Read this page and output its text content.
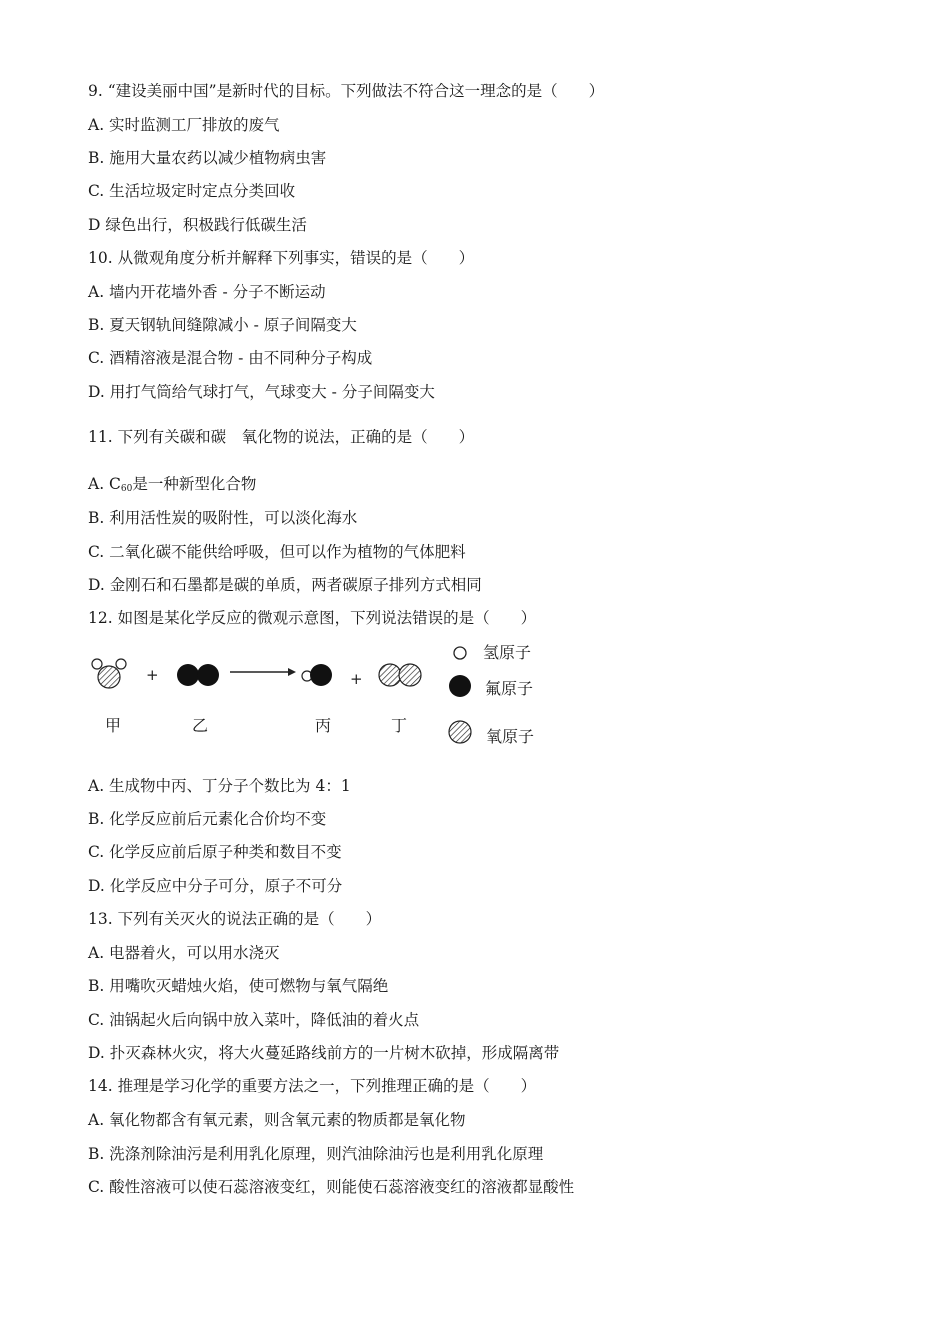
9. “建设美丽中国”是新时代的目标。下列做法不符合这一理念的是（　　）
A. 实时监测工厂排放的废气
B. 施用大量农药以减少植物病虫害
C. 生活垃圾定时定点分类回收
D 绿色出行，积极践行低碳生活
10. 从微观角度分析并解释下列事实，错误的是（　　）
A. 墙内开花墙外香 - 分子不断运动
B. 夏天钢轨间缝隙减小 - 原子间隔变大
C. 酒精溶液是混合物 - 由不同种分子构成
D. 用打气筒给气球打气，气球变大 - 分子间隔变大
11. 下列有关碳和碳　氧化物的说法，正确的是（　　）
A. $C_{60}$是一种新型化合物
B. 利用活性炭的吸附性，可以淡化海水
C. 二氧化碳不能供给呼吸，但可以作为植物的气体肥料
D. 金刚石和石墨都是碳的单质，两者碳原子排列方式相同
12. 如图是某化学反应的微观示意图，下列说法错误的是（　　）
+	+
氢原子
氟原子
氧原子
甲	乙	丙	丁
A. 生成物中丙、丁分子个数比为 4：1
B. 化学反应前后元素化合价均不变
C. 化学反应前后原子种类和数目不变
D. 化学反应中分子可分，原子不可分
13. 下列有关灭火的说法正确的是（　　）
A. 电器着火，可以用水浇灭
B. 用嘴吹灭蜡烛火焰，使可燃物与氧气隔绝
C. 油锅起火后向锅中放入菜叶，降低油的着火点
D. 扑灭森林火灾，将大火蔓延路线前方的一片树木砍掉，形成隔离带
14. 推理是学习化学的重要方法之一，下列推理正确的是（　　）
A. 氧化物都含有氧元素，则含氧元素的物质都是氧化物
B. 洗涤剂除油污是利用乳化原理，则汽油除油污也是利用乳化原理
C. 酸性溶液可以使石蕊溶液变红，则能使石蕊溶液变红的溶液都显酸性
